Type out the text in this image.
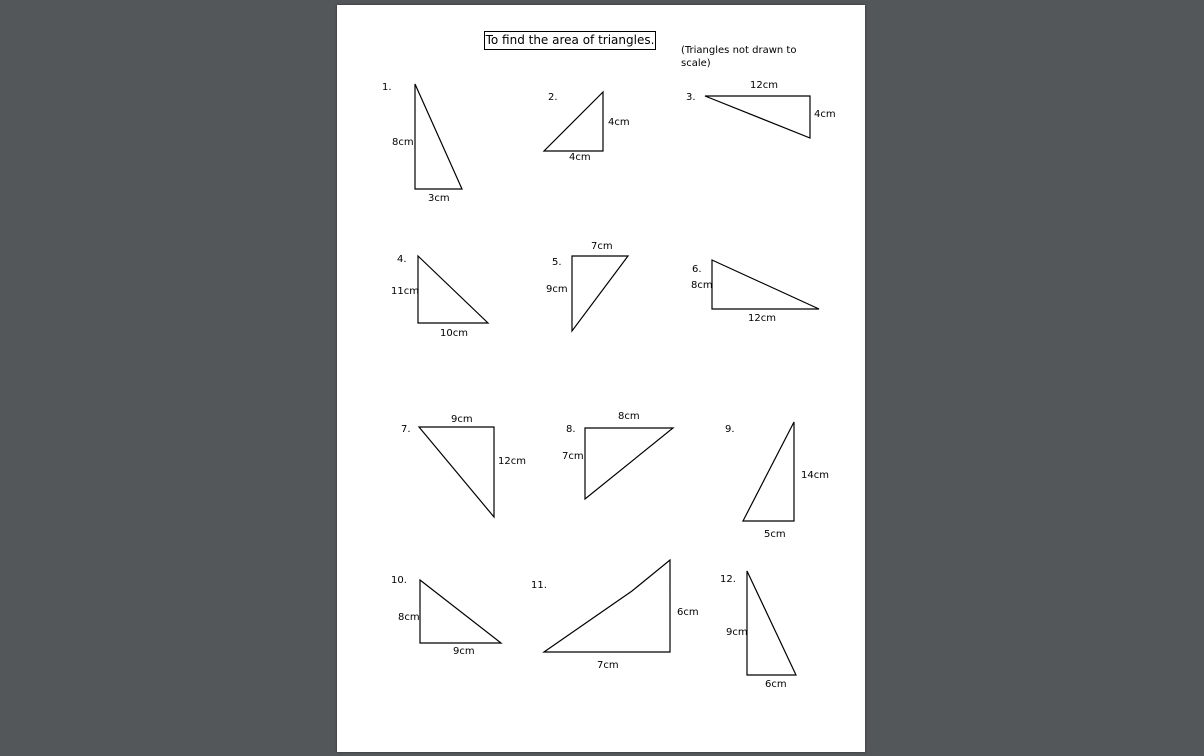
To find the area of triangles.
(Triangles not drawn to scale)
1.
8cm
3cm
2.
4cm
4cm
3.
12cm
4cm
4.
11cm
10cm
5.
7cm
9cm
6.
8cm
12cm
7.
9cm
12cm
8.
8cm
7cm
9.
14cm
5cm
10.
8cm
9cm
11.
6cm
7cm
12.
9cm
6cm
